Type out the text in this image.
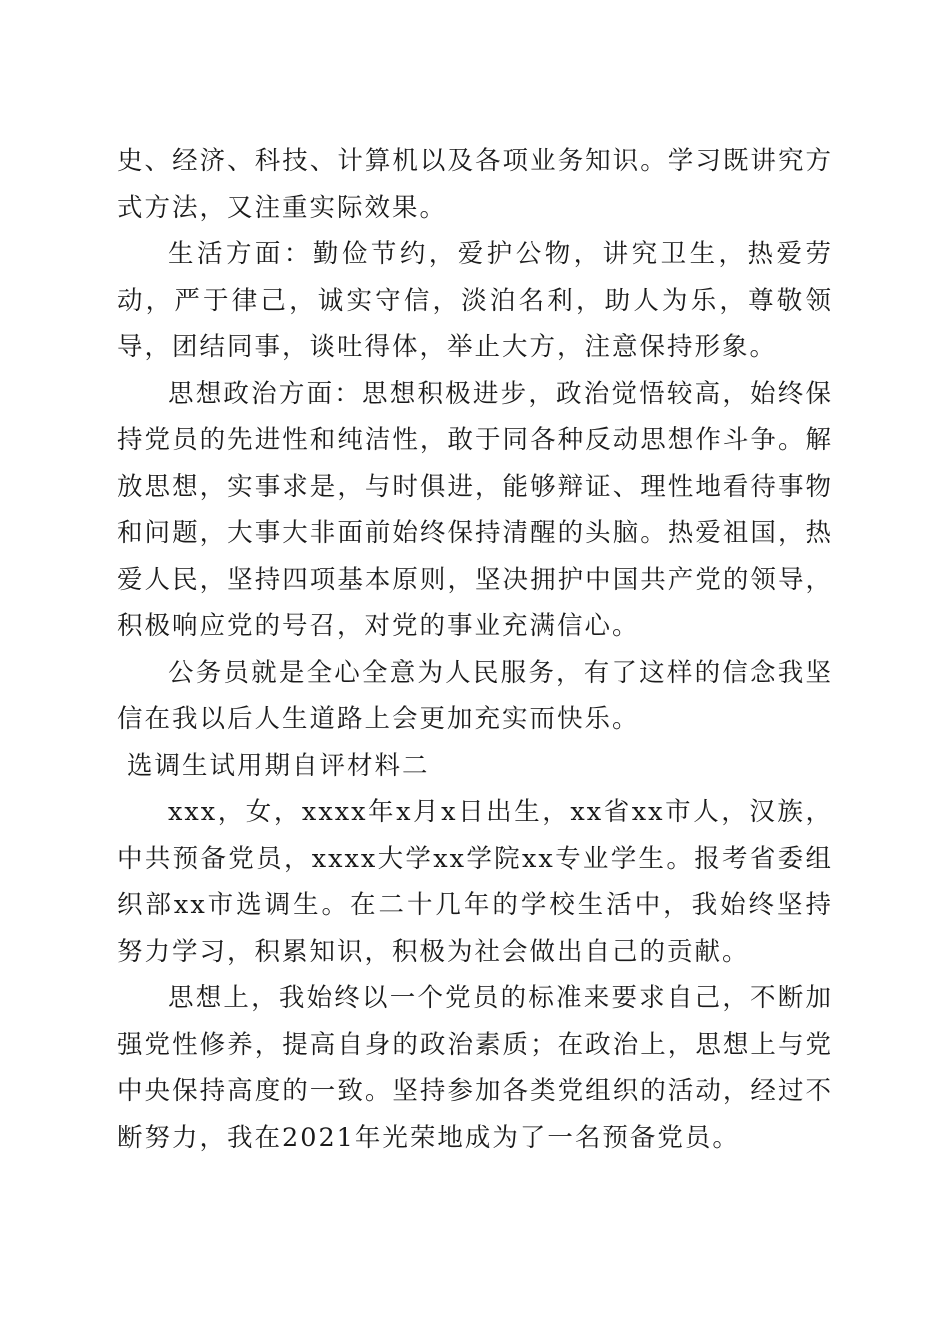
史、经济、科技、计算机以及各项业务知识。学习既讲究方式方法，又注重实际效果。

生活方面：勤俭节约，爱护公物，讲究卫生，热爱劳动，严于律己，诚实守信，淡泊名利，助人为乐，尊敬领导，团结同事，谈吐得体，举止大方，注意保持形象。

思想政治方面：思想积极进步，政治觉悟较高，始终保持党员的先进性和纯洁性，敢于同各种反动思想作斗争。解放思想，实事求是，与时俱进，能够辩证、理性地看待事物和问题，大事大非面前始终保持清醒的头脑。热爱祖国，热爱人民，坚持四项基本原则，坚决拥护中国共产党的领导，积极响应党的号召，对党的事业充满信心。

公务员就是全心全意为人民服务，有了这样的信念我坚信在我以后人生道路上会更加充实而快乐。

选调生试用期自评材料二

xxx，女，xxxx年x月x日出生，xx省xx市人，汉族，中共预备党员，xxxx大学xx学院xx专业学生。报考省委组织部xx市选调生。在二十几年的学校生活中，我始终坚持努力学习，积累知识，积极为社会做出自己的贡献。

思想上，我始终以一个党员的标准来要求自己，不断加强党性修养，提高自身的政治素质；在政治上，思想上与党中央保持高度的一致。坚持参加各类党组织的活动，经过不断努力，我在2021年光荣地成为了一名预备党员。
